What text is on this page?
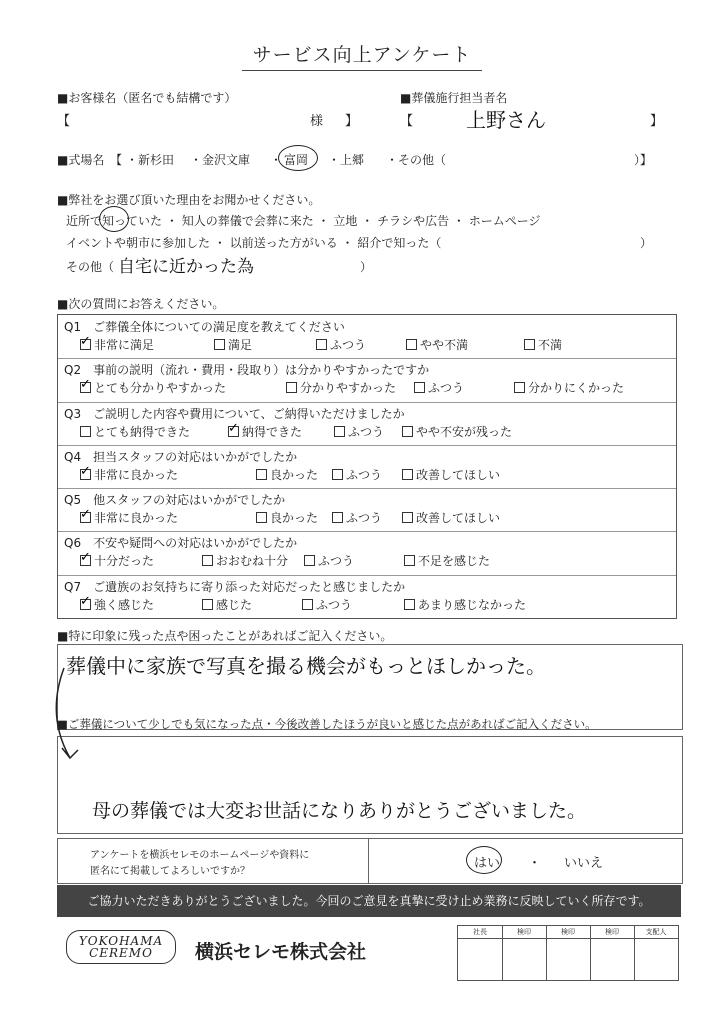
サービス向上アンケート
■お客様名（匿名でも結構です）
【	様 】
■葬儀施行担当者名
【	上野さん	】
■式場名 【 ・新杉田 ・金沢文庫 ・ 富岡 ・上郷 ・その他（	）】
■弊社をお選び頂いた理由をお聞かせください。
近所で知っていた ・ 知人の葬儀で会葬に来た ・ 立地 ・ チラシや広告 ・ ホームページ
イベントや朝市に参加した ・ 以前送った方がいる ・ 紹介で知った（	）
その他（ 自宅に近かった為	）
■次の質問にお答えください。
Q1　ご葬儀全体についての満足度を教えてください
✓非常に満足	満足	ふつう	やや不満	不満
Q2　事前の説明（流れ・費用・段取り）は分かりやすかったですか
✓とても分かりやすかった	分かりやすかった	ふつう	分かりにくかった
Q3　ご説明した内容や費用について、ご納得いただけましたか
とても納得できた
✓	納得できた	ふつう	やや不安が残った
Q4　担当スタッフの対応はいかがでしたか
✓非常に良かった	良かった	ふつう	改善してほしい
Q5　他スタッフの対応はいかがでしたか
✓非常に良かった	良かった	ふつう	改善してほしい
Q6　不安や疑問への対応はいかがでしたか
✓十分だった	おおむね十分	ふつう	不足を感じた
Q7　ご遺族のお気持ちに寄り添った対応だったと感じましたか
✓強く感じた	感じた	ふつう	あまり感じなかった
■特に印象に残った点や困ったことがあればご記入ください。
葬儀中に家族で写真を撮る機会がもっとほしかった。
■ご葬儀について少しでも気になった点・今後改善したほうが良いと感じた点があればご記入ください。
母の葬儀では大変お世話になりありがとうございました。
アンケートを横浜セレモのホームページや資料に
匿名にて掲載してよろしいですか？
はい ・ いいえ
ご協力いただきありがとうございました。今回のご意見を真摯に受け止め業務に反映していく所存です。
YOKOHAMA CEREMO	横浜セレモ株式会社
社長	検印	検印	検印	支配人
